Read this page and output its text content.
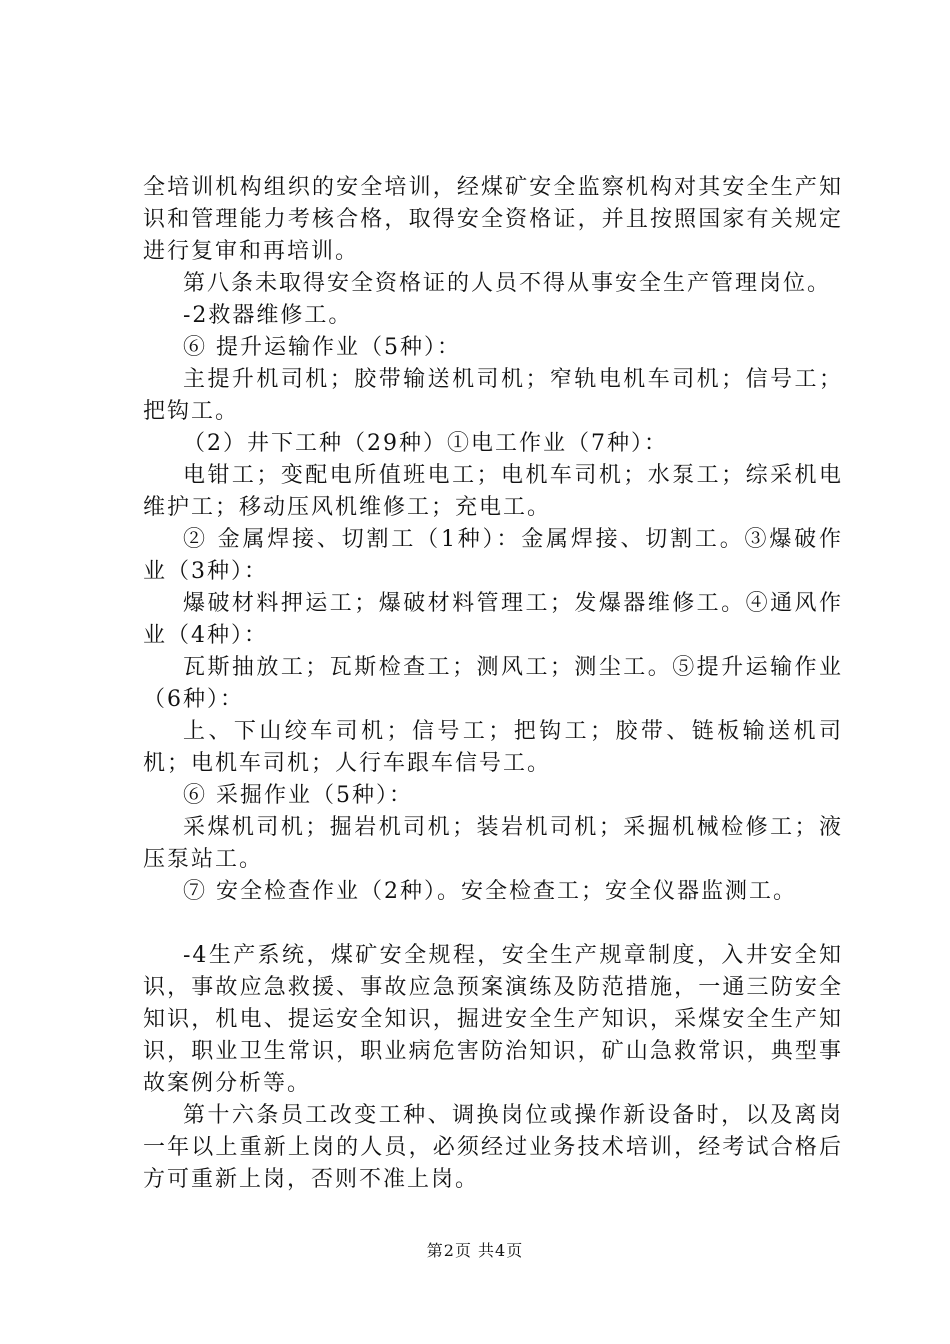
全培训机构组织的安全培训，经煤矿安全监察机构对其安全生产知识和管理能力考核合格，取得安全资格证，并且按照国家有关规定进行复审和再培训。

第八条未取得安全资格证的人员不得从事安全生产管理岗位。

-2救器维修工。

⑥ 提升运输作业（5种）：

主提升机司机；胶带输送机司机；窄轨电机车司机；信号工；把钩工。

（2）井下工种（29种）①电工作业（7种）：

电钳工；变配电所值班电工；电机车司机；水泵工；综采机电维护工；移动压风机维修工；充电工。

② 金属焊接、切割工（1种）：金属焊接、切割工。③爆破作业（3种）：

爆破材料押运工；爆破材料管理工；发爆器维修工。④通风作业（4种）：

瓦斯抽放工；瓦斯检查工；测风工；测尘工。⑤提升运输作业（6种）：

上、下山绞车司机；信号工；把钩工；胶带、链板输送机司机；电机车司机；人行车跟车信号工。

⑥ 采掘作业（5种）：

采煤机司机；掘岩机司机；装岩机司机；采掘机械检修工；液压泵站工。

⑦ 安全检查作业（2种）。安全检查工；安全仪器监测工。

-4生产系统，煤矿安全规程，安全生产规章制度，入井安全知识，事故应急救援、事故应急预案演练及防范措施，一通三防安全知识，机电、提运安全知识，掘进安全生产知识，采煤安全生产知识，职业卫生常识，职业病危害防治知识，矿山急救常识，典型事故案例分析等。

第十六条员工改变工种、调换岗位或操作新设备时，以及离岗一年以上重新上岗的人员，必须经过业务技术培训，经考试合格后方可重新上岗，否则不准上岗。

第2页 共4页
